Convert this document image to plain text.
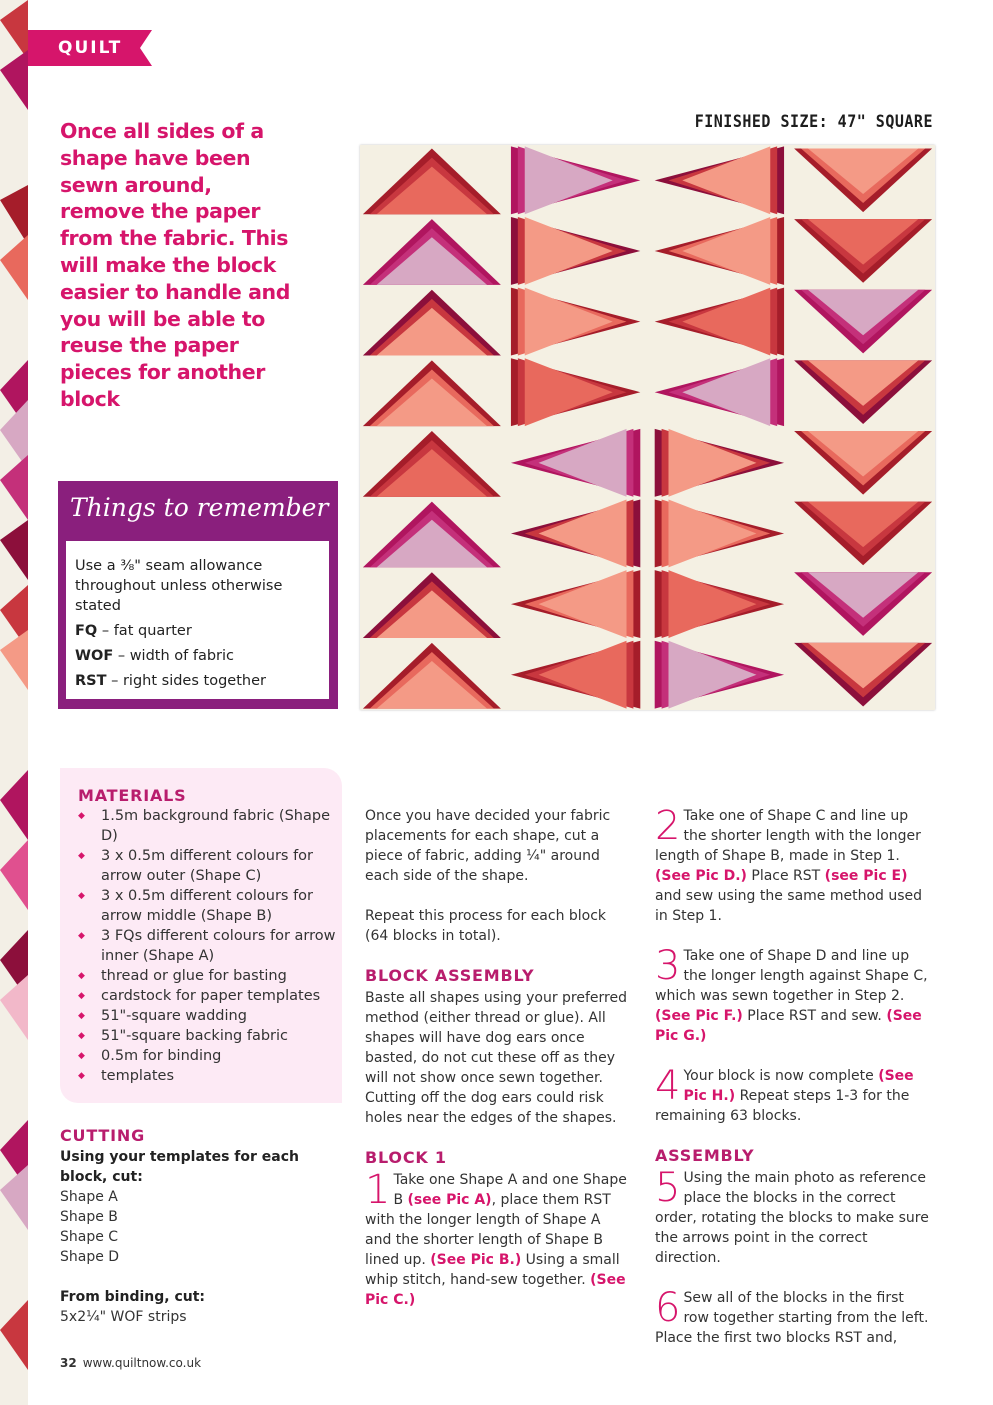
QUILT
Once all sides of a shape have been sewn around, remove the paper from the fabric. This will make the block easier to handle and you will be able to reuse the paper pieces for another block
FINISHED SIZE: 47" SQUARE
Things to remember
Use a ⅜" seam allowance throughout unless otherwise stated
FQ – fat quarter
WOF – width of fabric
RST – right sides together
MATERIALS
◆ 1.5m background fabric (Shape D)
◆ 3 x 0.5m different colours for arrow outer (Shape C)
◆ 3 x 0.5m different colours for arrow middle (Shape B)
◆ 3 FQs different colours for arrow inner (Shape A)
◆ thread or glue for basting
◆ cardstock for paper templates
◆ 51"-square wadding
◆ 51"-square backing fabric
◆ 0.5m for binding
◆ templates
CUTTING
Using your templates for each block, cut:
Shape A
Shape B
Shape C
Shape D
From binding, cut:
5x2¼" WOF strips
Once you have decided your fabric placements for each shape, cut a piece of fabric, adding ¼" around each side of the shape.
Repeat this process for each block (64 blocks in total).
BLOCK ASSEMBLY
Baste all shapes using your preferred method (either thread or glue). All shapes will have dog ears once basted, do not cut these off as they will not show once sewn together. Cutting off the dog ears could risk holes near the edges of the shapes.
BLOCK 1
1 Take one Shape A and one Shape B (see Pic A), place them RST with the longer length of Shape A and the shorter length of Shape B lined up. (See Pic B.) Using a small whip stitch, hand-sew together. (See Pic C.)
2 Take one of Shape C and line up the shorter length with the longer length of Shape B, made in Step 1. (See Pic D.) Place RST (see Pic E) and sew using the same method used in Step 1.
3 Take one of Shape D and line up the longer length against Shape C, which was sewn together in Step 2. (See Pic F.) Place RST and sew. (See Pic G.)
4 Your block is now complete (See Pic H.) Repeat steps 1-3 for the remaining 63 blocks.
ASSEMBLY
5 Using the main photo as reference place the blocks in the correct order, rotating the blocks to make sure the arrows point in the correct direction.
6 Sew all of the blocks in the first row together starting from the left. Place the first two blocks RST and,
32 www.quiltnow.co.uk
